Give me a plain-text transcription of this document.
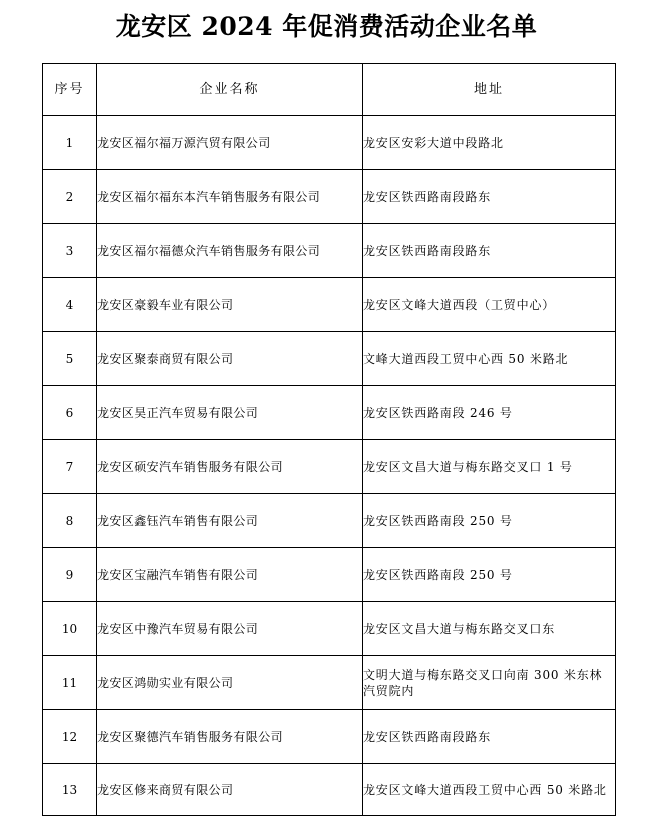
龙安区 2024 年促消费活动企业名单
序号	企业名称	地址
1	龙安区福尔福万源汽贸有限公司	龙安区安彩大道中段路北
2	龙安区福尔福东本汽车销售服务有限公司	龙安区铁西路南段路东
3	龙安区福尔福德众汽车销售服务有限公司	龙安区铁西路南段路东
4	龙安区豪毅车业有限公司	龙安区文峰大道西段（工贸中心）
5	龙安区聚泰商贸有限公司	文峰大道西段工贸中心西 50 米路北
6	龙安区昊正汽车贸易有限公司	龙安区铁西路南段 246 号
7	龙安区硕安汽车销售服务有限公司	龙安区文昌大道与梅东路交叉口 1 号
8	龙安区鑫钰汽车销售有限公司	龙安区铁西路南段 250 号
9	龙安区宝融汽车销售有限公司	龙安区铁西路南段 250 号
10	龙安区中豫汽车贸易有限公司	龙安区文昌大道与梅东路交叉口东
11	龙安区鸿勋实业有限公司	文明大道与梅东路交叉口向南 300 米东林汽贸院内
12	龙安区聚德汽车销售服务有限公司	龙安区铁西路南段路东
13	龙安区修来商贸有限公司	龙安区文峰大道西段工贸中心西 50 米路北
